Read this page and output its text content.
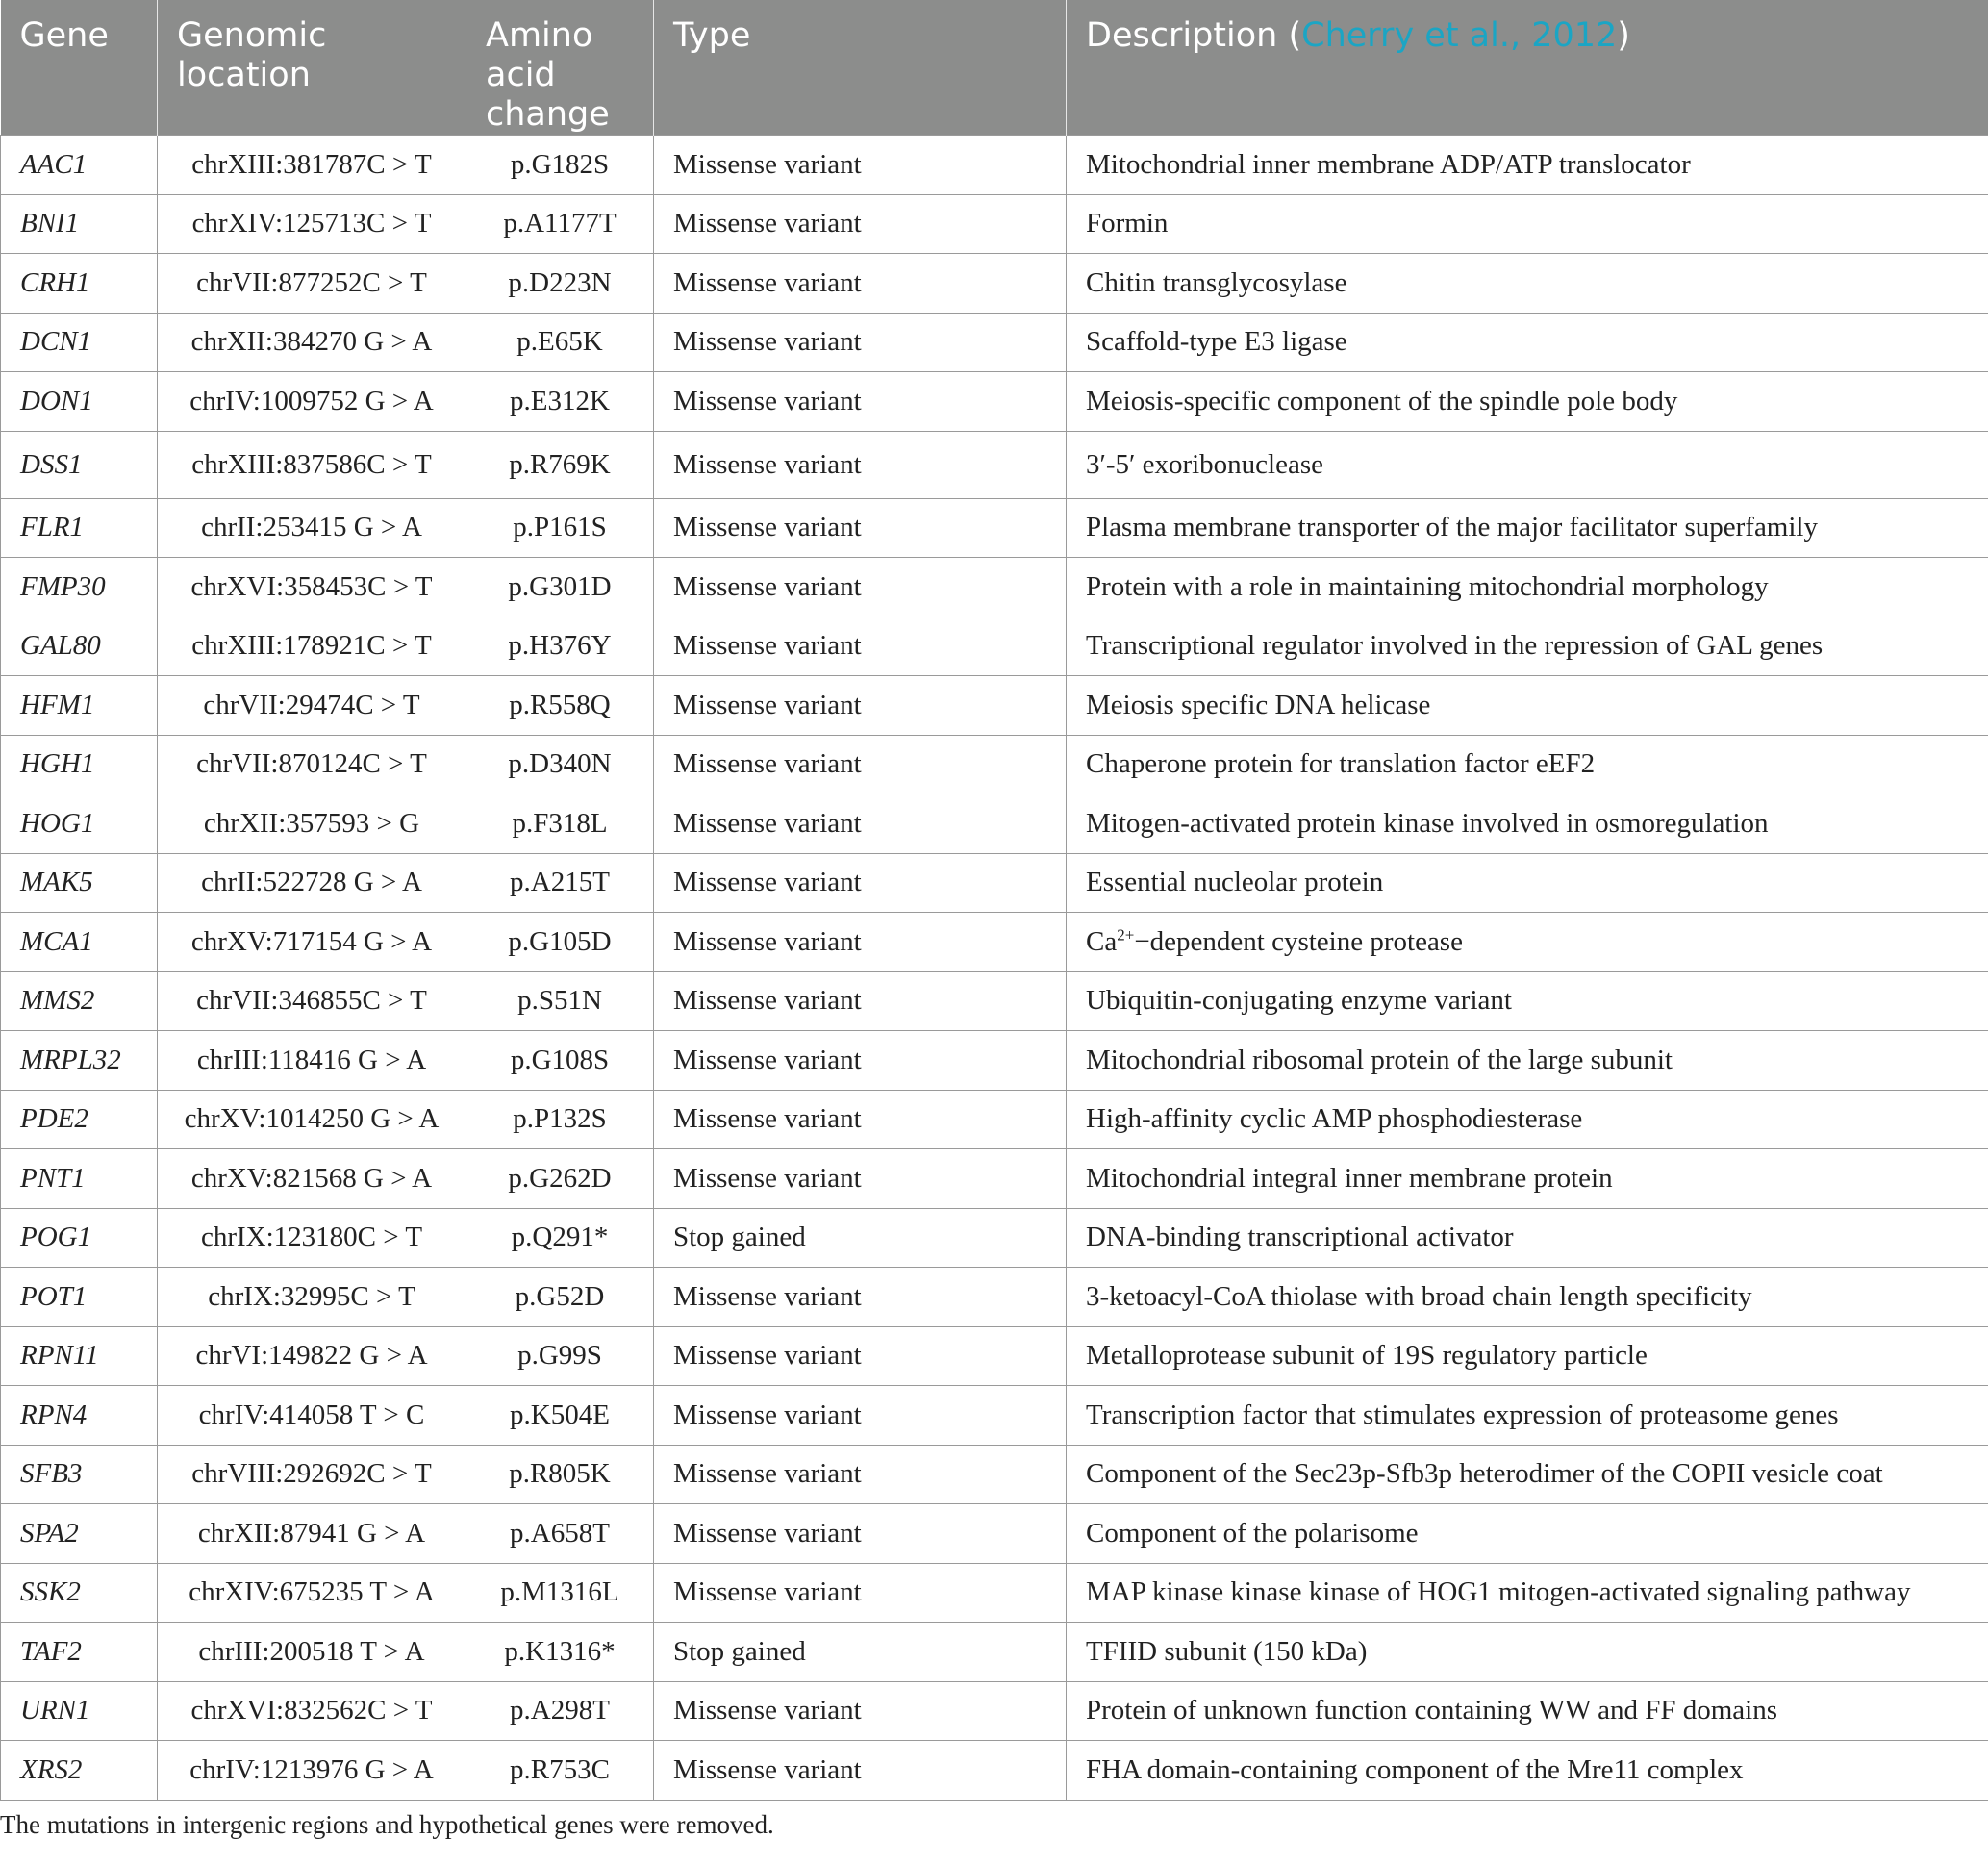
Gene	Genomic location	Amino acid change	Type	Description (Cherry et al., 2012)
AAC1	chrXIII:381787C > T	p.G182S	Missense variant	Mitochondrial inner membrane ADP/ATP translocator
BNI1	chrXIV:125713C > T	p.A1177T	Missense variant	Formin
CRH1	chrVII:877252C > T	p.D223N	Missense variant	Chitin transglycosylase
DCN1	chrXII:384270 G > A	p.E65K	Missense variant	Scaffold-type E3 ligase
DON1	chrIV:1009752 G > A	p.E312K	Missense variant	Meiosis-specific component of the spindle pole body
DSS1	chrXIII:837586C > T	p.R769K	Missense variant	3′-5′ exoribonuclease
FLR1	chrII:253415 G > A	p.P161S	Missense variant	Plasma membrane transporter of the major facilitator superfamily
FMP30	chrXVI:358453C > T	p.G301D	Missense variant	Protein with a role in maintaining mitochondrial morphology
GAL80	chrXIII:178921C > T	p.H376Y	Missense variant	Transcriptional regulator involved in the repression of GAL genes
HFM1	chrVII:29474C > T	p.R558Q	Missense variant	Meiosis specific DNA helicase
HGH1	chrVII:870124C > T	p.D340N	Missense variant	Chaperone protein for translation factor eEF2
HOG1	chrXII:357593 > G	p.F318L	Missense variant	Mitogen-activated protein kinase involved in osmoregulation
MAK5	chrII:522728 G > A	p.A215T	Missense variant	Essential nucleolar protein
MCA1	chrXV:717154 G > A	p.G105D	Missense variant	$Ca^{2+}-dependent$ cysteine protease
MMS2	chrVII:346855C > T	p.S51N	Missense variant	Ubiquitin-conjugating enzyme variant
MRPL32	chrIII:118416 G > A	p.G108S	Missense variant	Mitochondrial ribosomal protein of the large subunit
PDE2	chrXV:1014250 G > A	p.P132S	Missense variant	High-affinity cyclic AMP phosphodiesterase
PNT1	chrXV:821568 G > A	p.G262D	Missense variant	Mitochondrial integral inner membrane protein
POG1	chrIX:123180C > T	p.Q291*	Stop gained	DNA-binding transcriptional activator
POT1	chrIX:32995C > T	p.G52D	Missense variant	3-ketoacyl-CoA thiolase with broad chain length specificity
RPN11	chrVI:149822 G > A	p.G99S	Missense variant	Metalloprotease subunit of 19S regulatory particle
RPN4	chrIV:414058 T > C	p.K504E	Missense variant	Transcription factor that stimulates expression of proteasome genes
SFB3	chrVIII:292692C > T	p.R805K	Missense variant	Component of the Sec23p-Sfb3p heterodimer of the COPII vesicle coat
SPA2	chrXII:87941 G > A	p.A658T	Missense variant	Component of the polarisome
SSK2	chrXIV:675235 T > A	p.M1316L	Missense variant	MAP kinase kinase kinase of HOG1 mitogen-activated signaling pathway
TAF2	chrIII:200518 T > A	p.K1316*	Stop gained	TFIID subunit (150 kDa)
URN1	chrXVI:832562C > T	p.A298T	Missense variant	Protein of unknown function containing WW and FF domains
XRS2	chrIV:1213976 G > A	p.R753C	Missense variant	FHA domain-containing component of the Mre11 complex

The mutations in intergenic regions and hypothetical genes were removed.
